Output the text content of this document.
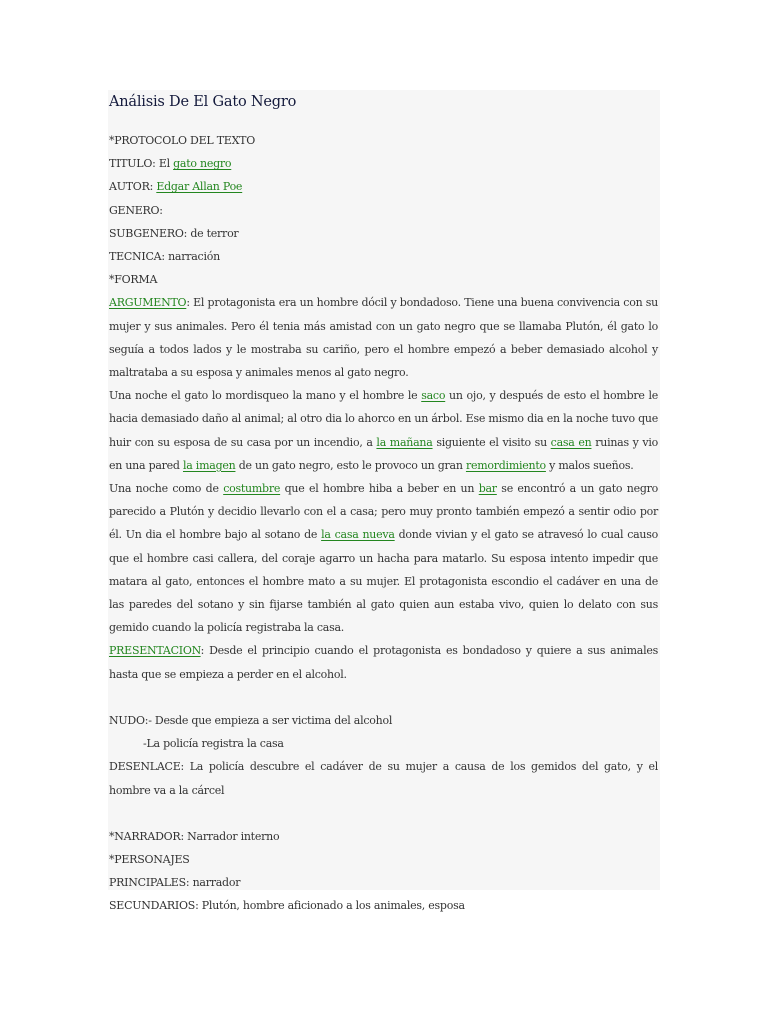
Análisis De El Gato Negro
*PROTOCOLO DEL TEXTO
TITULO: El gato negro
AUTOR: Edgar Allan Poe
GENERO:
SUBGENERO: de terror
TECNICA: narración
*FORMA
ARGUMENTO: El protagonista era un hombre dócil y bondadoso. Tiene una buena convivencia con su mujer y sus animales. Pero él tenia más amistad con un gato negro que se llamaba Plutón, él gato lo seguía a todos lados y le mostraba su cariño, pero el hombre empezó a beber demasiado alcohol y maltrataba a su esposa y animales menos al gato negro.
Una noche el gato lo mordisqueo la mano y el hombre le saco un ojo, y después de esto el hombre le hacia demasiado daño al animal; al otro dia lo ahorco en un árbol. Ese mismo dia en la noche tuvo que huir con su esposa de su casa por un incendio, a la mañana siguiente el visito su casa en ruinas y vio en una pared la imagen de un gato negro, esto le provoco un gran remordimiento y malos sueños.
Una noche como de costumbre que el hombre hiba a beber en un bar se encontró a un gato negro parecido a Plutón y decidio llevarlo con el a casa; pero muy pronto también empezó a sentir odio por él. Un dia el hombre bajo al sotano de la casa nueva donde vivian y el gato se atravesó lo cual causo que el hombre casi callera, del coraje agarro un hacha para matarlo. Su esposa intento impedir que matara al gato, entonces el hombre mato a su mujer. El protagonista escondio el cadáver en una de las paredes del sotano y sin fijarse también al gato quien aun estaba vivo, quien lo delato con sus gemido cuando la policía registraba la casa.
PRESENTACION: Desde el principio cuando el protagonista es bondadoso y quiere a sus animales hasta que se empieza a perder en el alcohol.
NUDO:- Desde que empieza a ser victima del alcohol
-La policía registra la casa
DESENLACE: La policía descubre el cadáver de su mujer a causa de los gemidos del gato, y el hombre va a la cárcel
*NARRADOR: Narrador interno
*PERSONAJES
PRINCIPALES: narrador
SECUNDARIOS: Plutón, hombre aficionado a los animales, esposa
